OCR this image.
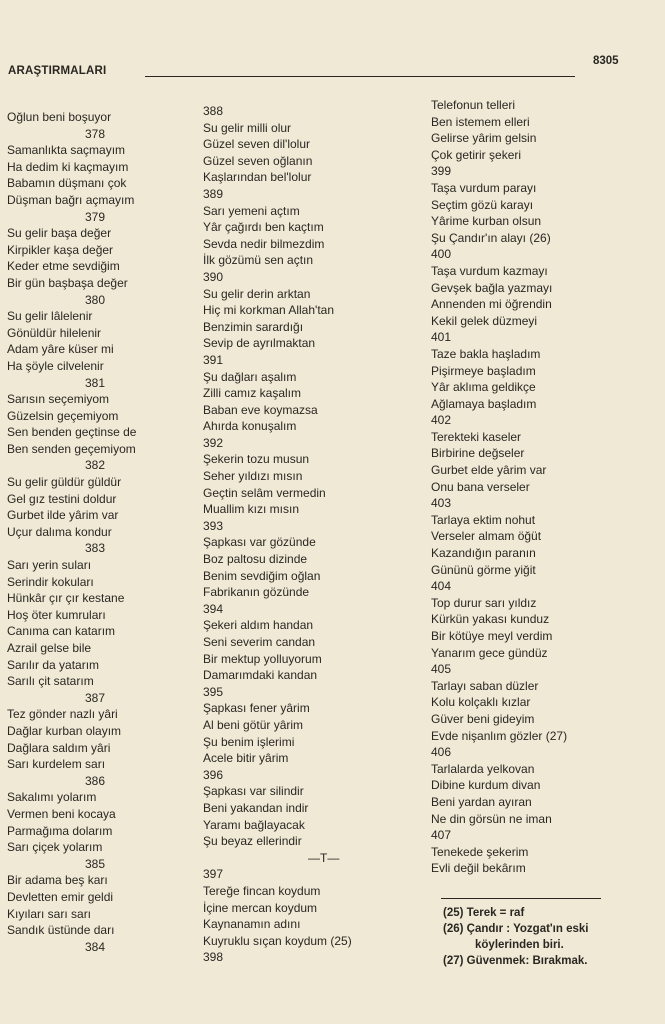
ARAŞTIRMALARI
8305
Oğlun beni boşuyor
378
Samanlıkta saçmayım
Ha dedim ki kaçmayım
Babamın düşmanı çok
Düşman bağrı açmayım
379
Su gelir başa değer
Kirpikler kaşa değer
Keder etme sevdiğim
Bir gün başbaşa değer
380
Su gelir lâlelenir
Gönüldür hilelenir
Adam yâre küser mi
Ha şöyle cilvelenir
381
Sarısın seçemiyom
Güzelsin geçemiyom
Sen benden geçtinse de
Ben senden geçemiyom
382
Su gelir güldür güldür
Gel gız testini doldur
Gurbet ilde yârim var
Uçur dalıma kondur
383
Sarı yerin suları
Serindir kokuları
Hünkâr çır çır kestane
Hoş öter kumruları
Canıma can katarım
Azrail gelse bile
Sarılır da yatarım
Sarılı çit satarım
387
Tez gönder nazlı yâri
Dağlar kurban olayım
Dağlara saldım yâri
Sarı kurdelem sarı
386
Sakalımı yolarım
Vermen beni kocaya
Parmağıma dolarım
Sarı çiçek yolarım
385
Bir adama beş karı
Devletten emir geldi
Kıyıları sarı sarı
Sandık üstünde darı
384
388
Su gelir milli olur
Güzel seven dil'lolur
Güzel seven oğlanın
Kaşlarından bel'lolur
389
Sarı yemeni açtım
Yâr çağırdı ben kaçtım
Sevda nedir bilmezdim
İlk gözümü sen açtın
390
Su gelir derin arktan
Hiç mi korkman Allah'tan
Benzimin sarardığı
Sevip de ayrılmaktan
391
Şu dağları aşalım
Zilli camız kaşalım
Baban eve koymazsa
Ahırda konuşalım
392
Şekerin tozu musun
Seher yıldızı mısın
Geçtin selâm vermedin
Muallim kızı mısın
393
Şapkası var gözünde
Boz paltosu dizinde
Benim sevdiğim oğlan
Fabrikanın gözünde
394
Şekeri aldım handan
Seni severim candan
Bir mektup yolluyorum
Damarımdaki kandan
395
Şapkası fener yârim
Al beni götür yârim
Şu benim işlerimi
Acele bitir yârim
396
Şapkası var silindir
Beni yakandan indir
Yaramı bağlayacak
Şu beyaz ellerindir
—T—
397
Tereğe fincan koydum
İçine mercan koydum
Kaynanamın adını
Kuyruklu sıçan koydum (25)
398
Telefonun telleri
Ben istemem elleri
Gelirse yârim gelsin
Çok getirir şekeri
399
Taşa vurdum parayı
Seçtim gözü karayı
Yârime kurban olsun
Şu Çandır'ın alayı (26)
400
Taşa vurdum kazmayı
Gevşek bağla yazmayı
Annenden mi öğrendin
Kekil gelek düzmeyi
401
Taze bakla haşladım
Pişirmeye başladım
Yâr aklıma geldikçe
Ağlamaya başladım
402
Terekteki kaseler
Birbirine değseler
Gurbet elde yârim var
Onu bana verseler
403
Tarlaya ektim nohut
Verseler almam öğüt
Kazandığın paranın
Gününü görme yiğit
404
Top durur sarı yıldız
Kürkün yakası kunduz
Bir kötüye meyl verdim
Yanarım gece gündüz
405
Tarlayı saban düzler
Kolu kolçaklı kızlar
Güver beni gideyim
Evde nişanlım gözler (27)
406
Tarlalarda yelkovan
Dibine kurdum divan
Beni yardan ayıran
Ne din görsün ne iman
407
Tenekede şekerim
Evli değil bekârım
(25) Terek = raf
(26) Çandır : Yozgat'ın eski
köylerinden biri.
(27) Güvenmek: Bırakmak.
